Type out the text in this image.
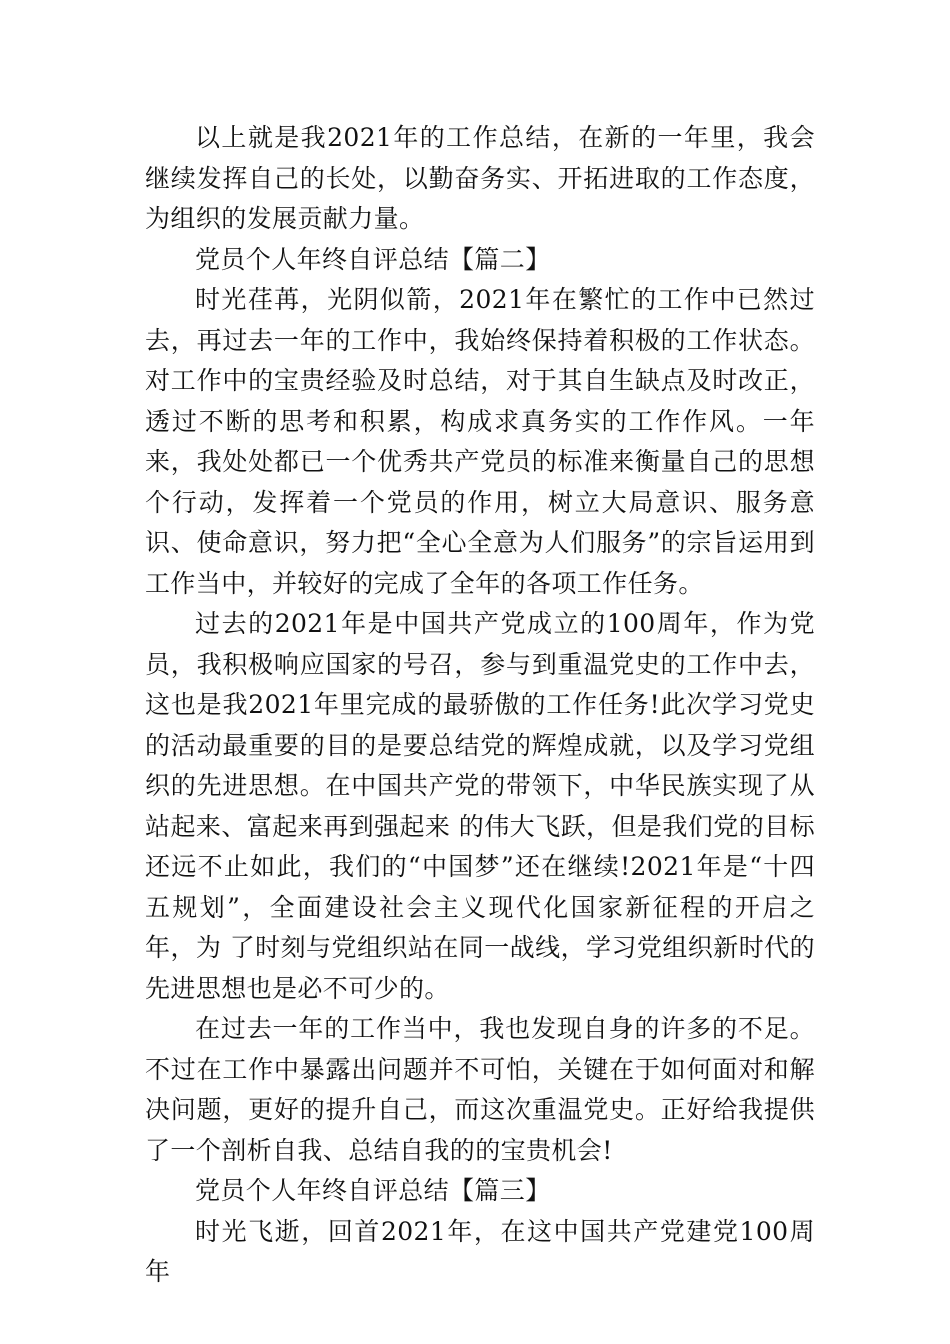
以上就是我2021年的工作总结，在新的一年里，我会继续发挥自己的长处，以勤奋务实、开拓进取的工作态度，为组织的发展贡献力量。

党员个人年终自评总结【篇二】

时光荏苒，光阴似箭，2021年在繁忙的工作中已然过去，再过去一年的工作中，我始终保持着积极的工作状态。对工作中的宝贵经验及时总结，对于其自生缺点及时改正，透过不断的思考和积累，构成求真务实的工作作风。一年来，我处处都已一个优秀共产党员的标准来衡量自己的思想个行动，发挥着一个党员的作用，树立大局意识、服务意识、使命意识，努力把“全心全意为人们服务”的宗旨运用到工作当中，并较好的完成了全年的各项工作任务。

过去的2021年是中国共产党成立的100周年，作为党员，我积极响应国家的号召，参与到重温党史的工作中去，这也是我2021年里完成的最骄傲的工作任务!此次学习党史的活动最重要的目的是要总结党的辉煌成就，以及学习党组织的先进思想。在中国共产党的带领下，中华民族实现了从站起来、富起来再到强起来 的伟大飞跃，但是我们党的目标还远不止如此，我们的“中国梦”还在继续!2021年是“十四五规划”，全面建设社会主义现代化国家新征程的开启之年，为 了时刻与党组织站在同一战线，学习党组织新时代的先进思想也是必不可少的。

在过去一年的工作当中，我也发现自身的许多的不足。不过在工作中暴露出问题并不可怕，关键在于如何面对和解决问题，更好的提升自己，而这次重温党史。正好给我提供了一个剖析自我、总结自我的的宝贵机会!

党员个人年终自评总结【篇三】

时光飞逝，回首2021年，在这中国共产党建党100周年
